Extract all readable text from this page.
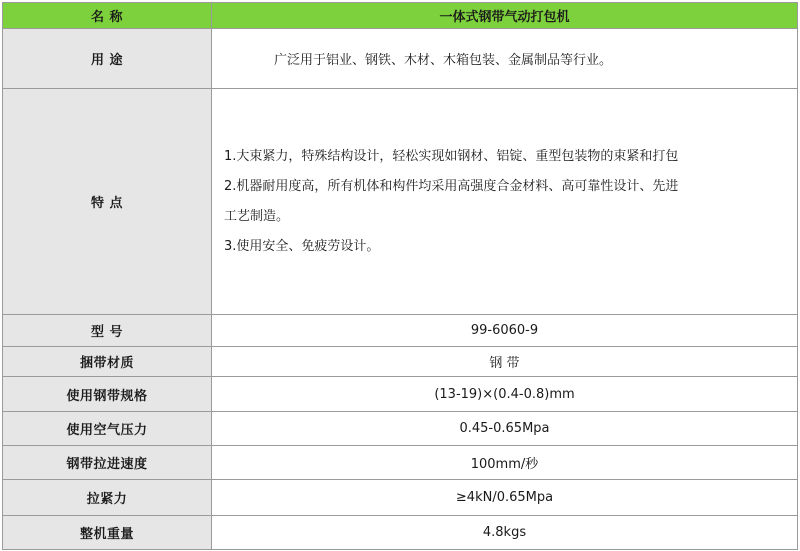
名 称	一体式钢带气动打包机
用 途	广泛用于铝业、钢铁、木材、木箱包装、金属制品等行业。
特 点	1.大束紧力，特殊结构设计，轻松实现如钢材、铝锭、重型包装物的束紧和打包
2.机器耐用度高，所有机体和构件均采用高强度合金材料、高可靠性设计、先进
工艺制造。
3.使用安全、免疲劳设计。

型 号	99-6060-9
捆带材质	钢 带
使用钢带规格	(13-19)×(0.4-0.8)mm
使用空气压力	0.45-0.65Mpa
钢带拉进速度	100mm/秒
拉紧力	≥4kN/0.65Mpa
整机重量	4.8kgs
